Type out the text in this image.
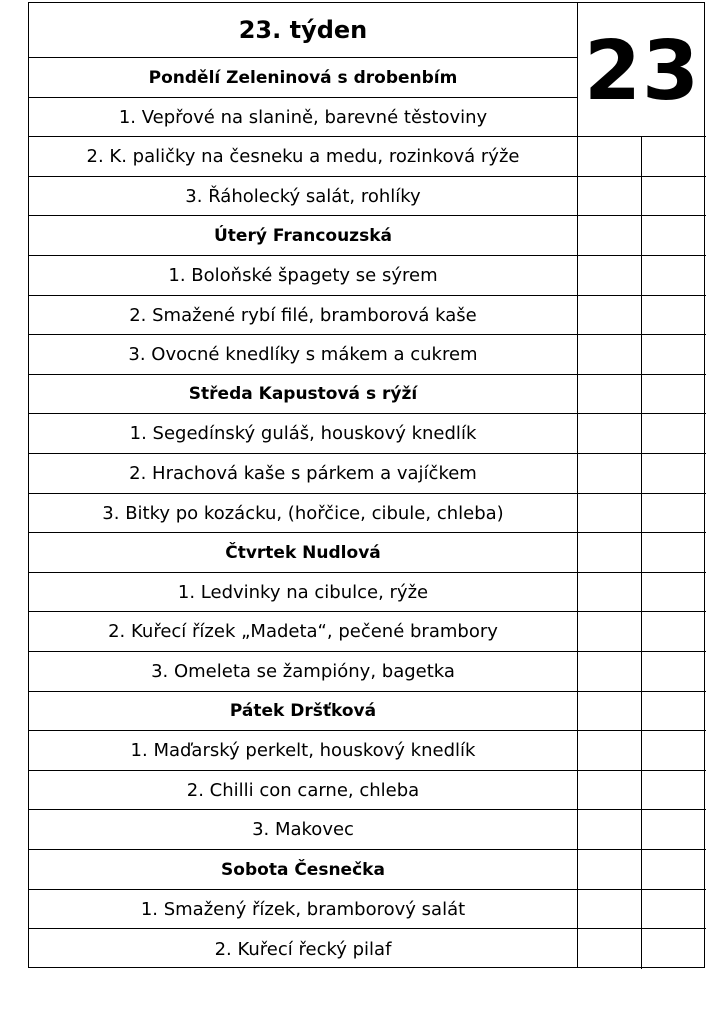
23. týden	23
Pondělí Zeleninová s drobenbím
1. Vepřové na slanině, barevné těstoviny
2. K. paličky na česneku a medu, rozinková rýže
3. Řáholecký salát, rohlíky
Úterý Francouzská
1. Boloňské špagety se sýrem
2. Smažené rybí filé, bramborová kaše
3. Ovocné knedlíky s mákem a cukrem
Středa Kapustová s rýží
1. Segedínský guláš, houskový knedlík
2. Hrachová kaše s párkem a vajíčkem
3. Bitky po kozácku, (hořčice, cibule, chleba)
Čtvrtek Nudlová
1. Ledvinky na cibulce, rýže
2. Kuřecí řízek „Madeta“, pečené brambory
3. Omeleta se žampióny, bagetka
Pátek Dršťková
1. Maďarský perkelt, houskový knedlík
2. Chilli con carne, chleba
3. Makovec
Sobota Česnečka
1. Smažený řízek, bramborový salát
2. Kuřecí řecký pilaf
